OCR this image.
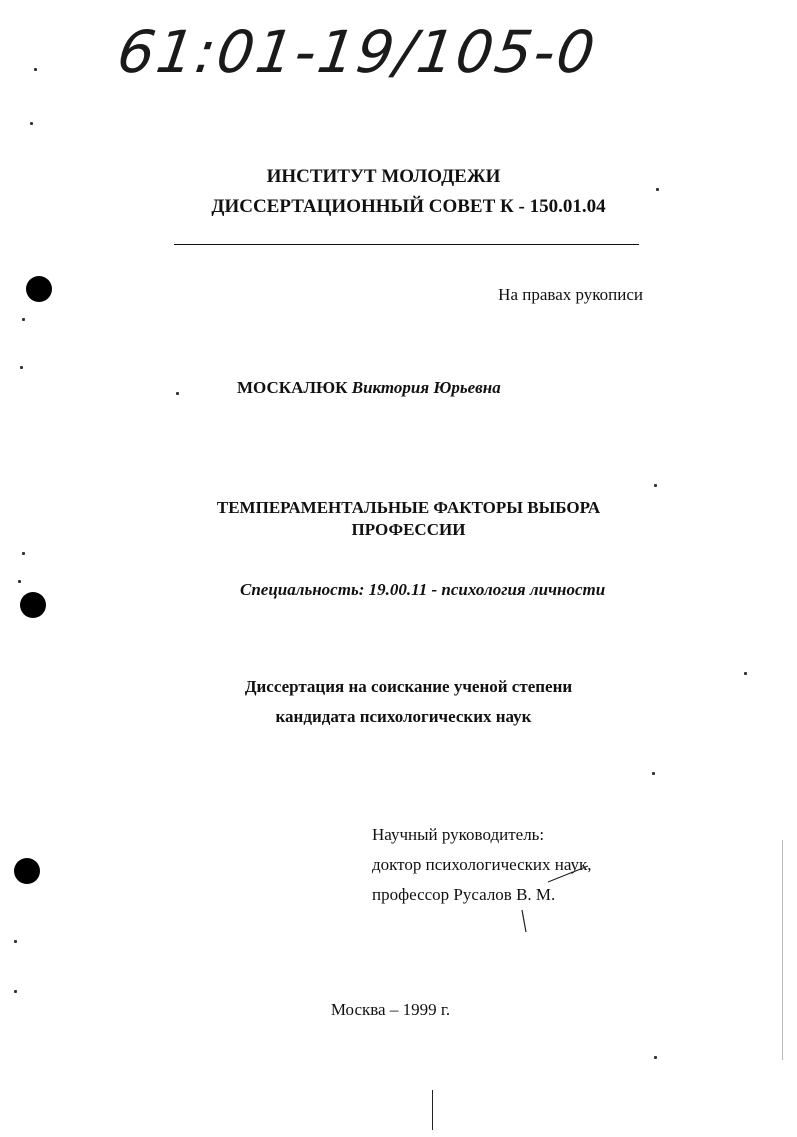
61:01-19/105-0
ИНСТИТУТ МОЛОДЕЖИ
ДИССЕРТАЦИОННЫЙ СОВЕТ К - 150.01.04
На правах рукописи
МОСКАЛЮК Виктория Юрьевна
ТЕМПЕРАМЕНТАЛЬНЫЕ ФАКТОРЫ ВЫБОРА
ПРОФЕССИИ
Специальность: 19.00.11 - психология личности
Диссертация на соискание ученой степени
кандидата психологических наук
Научный руководитель:
доктор психологических наук,
профессор Русалов В. М.
Москва – 1999 г.
